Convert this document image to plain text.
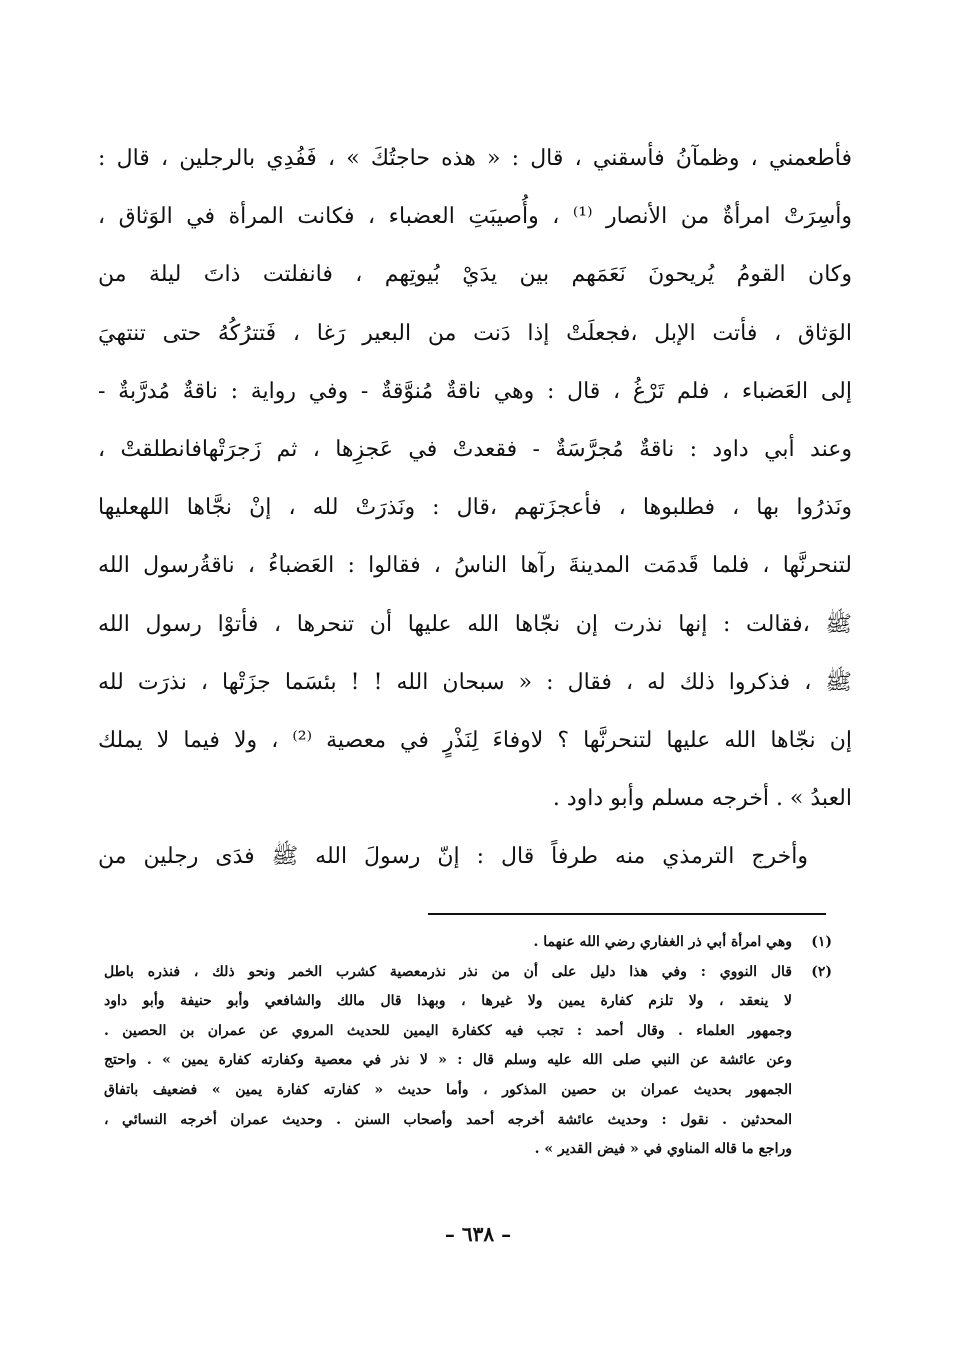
فأطعمني ، وظمآنُ فأسقني ، قال : « هذه حاجتُكَ » ، فَفُدِي بالرجلين ، قال :
وأسِرَتْ امرأةٌ من الأنصار ⁽¹⁾ ، وأُصيبَتِ العضباء ، فكانت المرأة في الوَثاق ،
وكان القومُ يُريحونَ نَعَمَهم بين يدَيْ بُيوتِهم ، فانفلتت ذاتَ ليلة من
الوَثاق ، فأتت الإبل ،فجعلَتْ إذا دَنت من البعير رَغا ، فَتترُكُهُ حتى تنتهيَ
إلى العَضباء ، فلم تَرْغُ ، قال : وهي ناقةٌ مُنوَّقةٌ - وفي رواية : ناقةٌ مُدرَّبةٌ -
وعند أبي داود : ناقةٌ مُجرَّسَةٌ - فقعدتْ في عَجزِها ، ثم زَجرَتْهافانطلقتْ ،
ونَذرُوا بها ، فطلبوها ، فأعجزَتهم ،قال : ونَذرَتْ لله ، إنْ نجَّاها اللهعليها
لتنحرنَّها ، فلما قَدمَت المدينةَ رآها الناسُ ، فقالوا : العَضباءُ ، ناقةُرسول الله
ﷺ ،فقالت : إنها نذرت إن نجّاها الله عليها أن تنحرها ، فأتوْا رسول الله
ﷺ ، فذكروا ذلك له ، فقال : « سبحان الله ! ! بئسَما جزَتْها ، نذرَت لله
إن نجّاها الله عليها لتنحرنَّها ؟ لاوفاءَ لِنَذْرٍ في معصية ⁽²⁾ ، ولا فيما لا يملك
العبدُ » . أخرجه مسلم وأبو داود .
وأخرج الترمذي منه طرفاً قال : إنّ رسولَ الله ﷺ فدَى رجلين من
(١)وهي امرأة أبي ذر الغفاري رضي الله عنهما .
(٢)قال النووي : وفي هذا دليل على أن من نذر نذرمعصية كشرب الخمر ونحو ذلك ، فنذره باطل
لا ينعقد ، ولا تلزم كفارة يمين ولا غيرها ، وبهذا قال مالك والشافعي وأبو حنيفة وأبو داود
وجمهور العلماء . وقال أحمد : تجب فيه ككفارة اليمين للحديث المروي عن عمران بن الحصين .
وعن عائشة عن النبي صلى الله عليه وسلم قال : « لا نذر في معصية وكفارته كفارة يمين » . واحتج
الجمهور بحديث عمران بن حصين المذكور ، وأما حديث « كفارته كفارة يمين » فضعيف باتفاق
المحدثين . نقول : وحديث عائشة أخرجه أحمد وأصحاب السنن . وحديث عمران أخرجه النسائي ،
وراجع ما قاله المناوي في « فيض القدير » .
– ٦٣٨ –
